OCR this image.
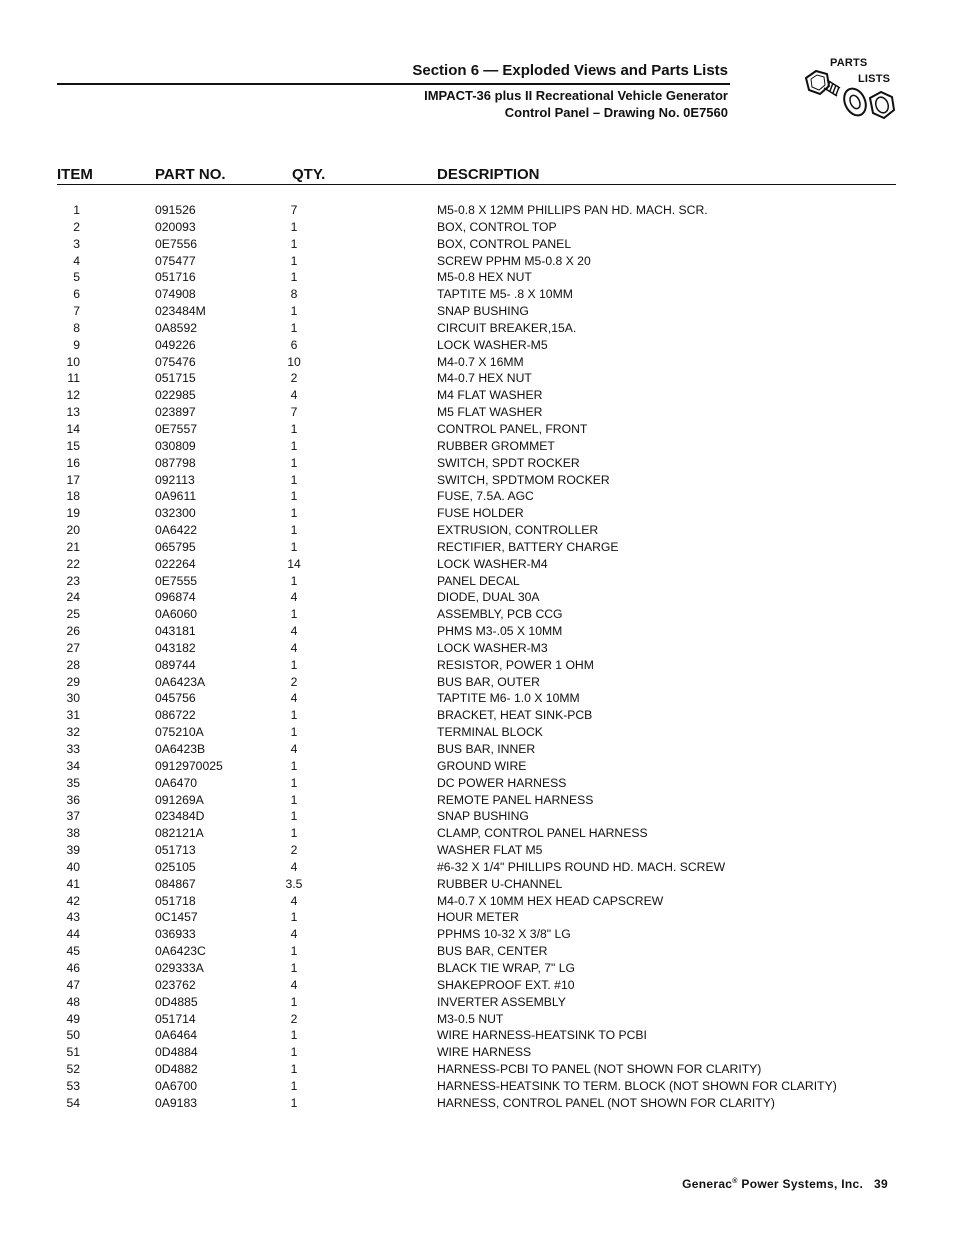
Section 6 — Exploded Views and Parts Lists
IMPACT-36 plus II Recreational Vehicle Generator
Control Panel – Drawing No. 0E7560
PARTS
LISTS
ITEM	PART NO.	QTY.	DESCRIPTION
1	091526	7	M5-0.8 X 12MM PHILLIPS PAN HD. MACH. SCR.
2	020093	1	BOX, CONTROL TOP
3	0E7556	1	BOX, CONTROL PANEL
4	075477	1	SCREW PPHM M5-0.8 X 20
5	051716	1	M5-0.8 HEX NUT
6	074908	8	TAPTITE M5- .8 X 10MM
7	023484M	1	SNAP BUSHING
8	0A8592	1	CIRCUIT BREAKER,15A.
9	049226	6	LOCK WASHER-M5
10	075476	10	M4-0.7 X 16MM
11	051715	2	M4-0.7 HEX NUT
12	022985	4	M4 FLAT WASHER
13	023897	7	M5 FLAT WASHER
14	0E7557	1	CONTROL PANEL, FRONT
15	030809	1	RUBBER GROMMET
16	087798	1	SWITCH, SPDT ROCKER
17	092113	1	SWITCH, SPDTMOM ROCKER
18	0A9611	1	FUSE, 7.5A. AGC
19	032300	1	FUSE HOLDER
20	0A6422	1	EXTRUSION, CONTROLLER
21	065795	1	RECTIFIER, BATTERY CHARGE
22	022264	14	LOCK WASHER-M4
23	0E7555	1	PANEL DECAL
24	096874	4	DIODE, DUAL 30A
25	0A6060	1	ASSEMBLY, PCB CCG
26	043181	4	PHMS M3-.05 X 10MM
27	043182	4	LOCK WASHER-M3
28	089744	1	RESISTOR, POWER 1 OHM
29	0A6423A	2	BUS BAR, OUTER
30	045756	4	TAPTITE M6- 1.0 X 10MM
31	086722	1	BRACKET, HEAT SINK-PCB
32	075210A	1	TERMINAL BLOCK
33	0A6423B	4	BUS BAR, INNER
34	0912970025	1	GROUND WIRE
35	0A6470	1	DC POWER HARNESS
36	091269A	1	REMOTE PANEL HARNESS
37	023484D	1	SNAP BUSHING
38	082121A	1	CLAMP, CONTROL PANEL HARNESS
39	051713	2	WASHER FLAT M5
40	025105	4	#6-32 X 1/4" PHILLIPS ROUND HD. MACH. SCREW
41	084867	3.5	RUBBER U-CHANNEL
42	051718	4	M4-0.7 X 10MM HEX HEAD CAPSCREW
43	0C1457	1	HOUR METER
44	036933	4	PPHMS 10-32 X 3/8" LG
45	0A6423C	1	BUS BAR, CENTER
46	029333A	1	BLACK TIE WRAP, 7" LG
47	023762	4	SHAKEPROOF EXT. #10
48	0D4885	1	INVERTER ASSEMBLY
49	051714	2	M3-0.5 NUT
50	0A6464	1	WIRE HARNESS-HEATSINK TO PCBI
51	0D4884	1	WIRE HARNESS
52	0D4882	1	HARNESS-PCBI TO PANEL (NOT SHOWN FOR CLARITY)
53	0A6700	1	HARNESS-HEATSINK TO TERM. BLOCK (NOT SHOWN FOR CLARITY)
54	0A9183	1	HARNESS, CONTROL PANEL (NOT SHOWN FOR CLARITY)
Generac® Power Systems, Inc. 39
